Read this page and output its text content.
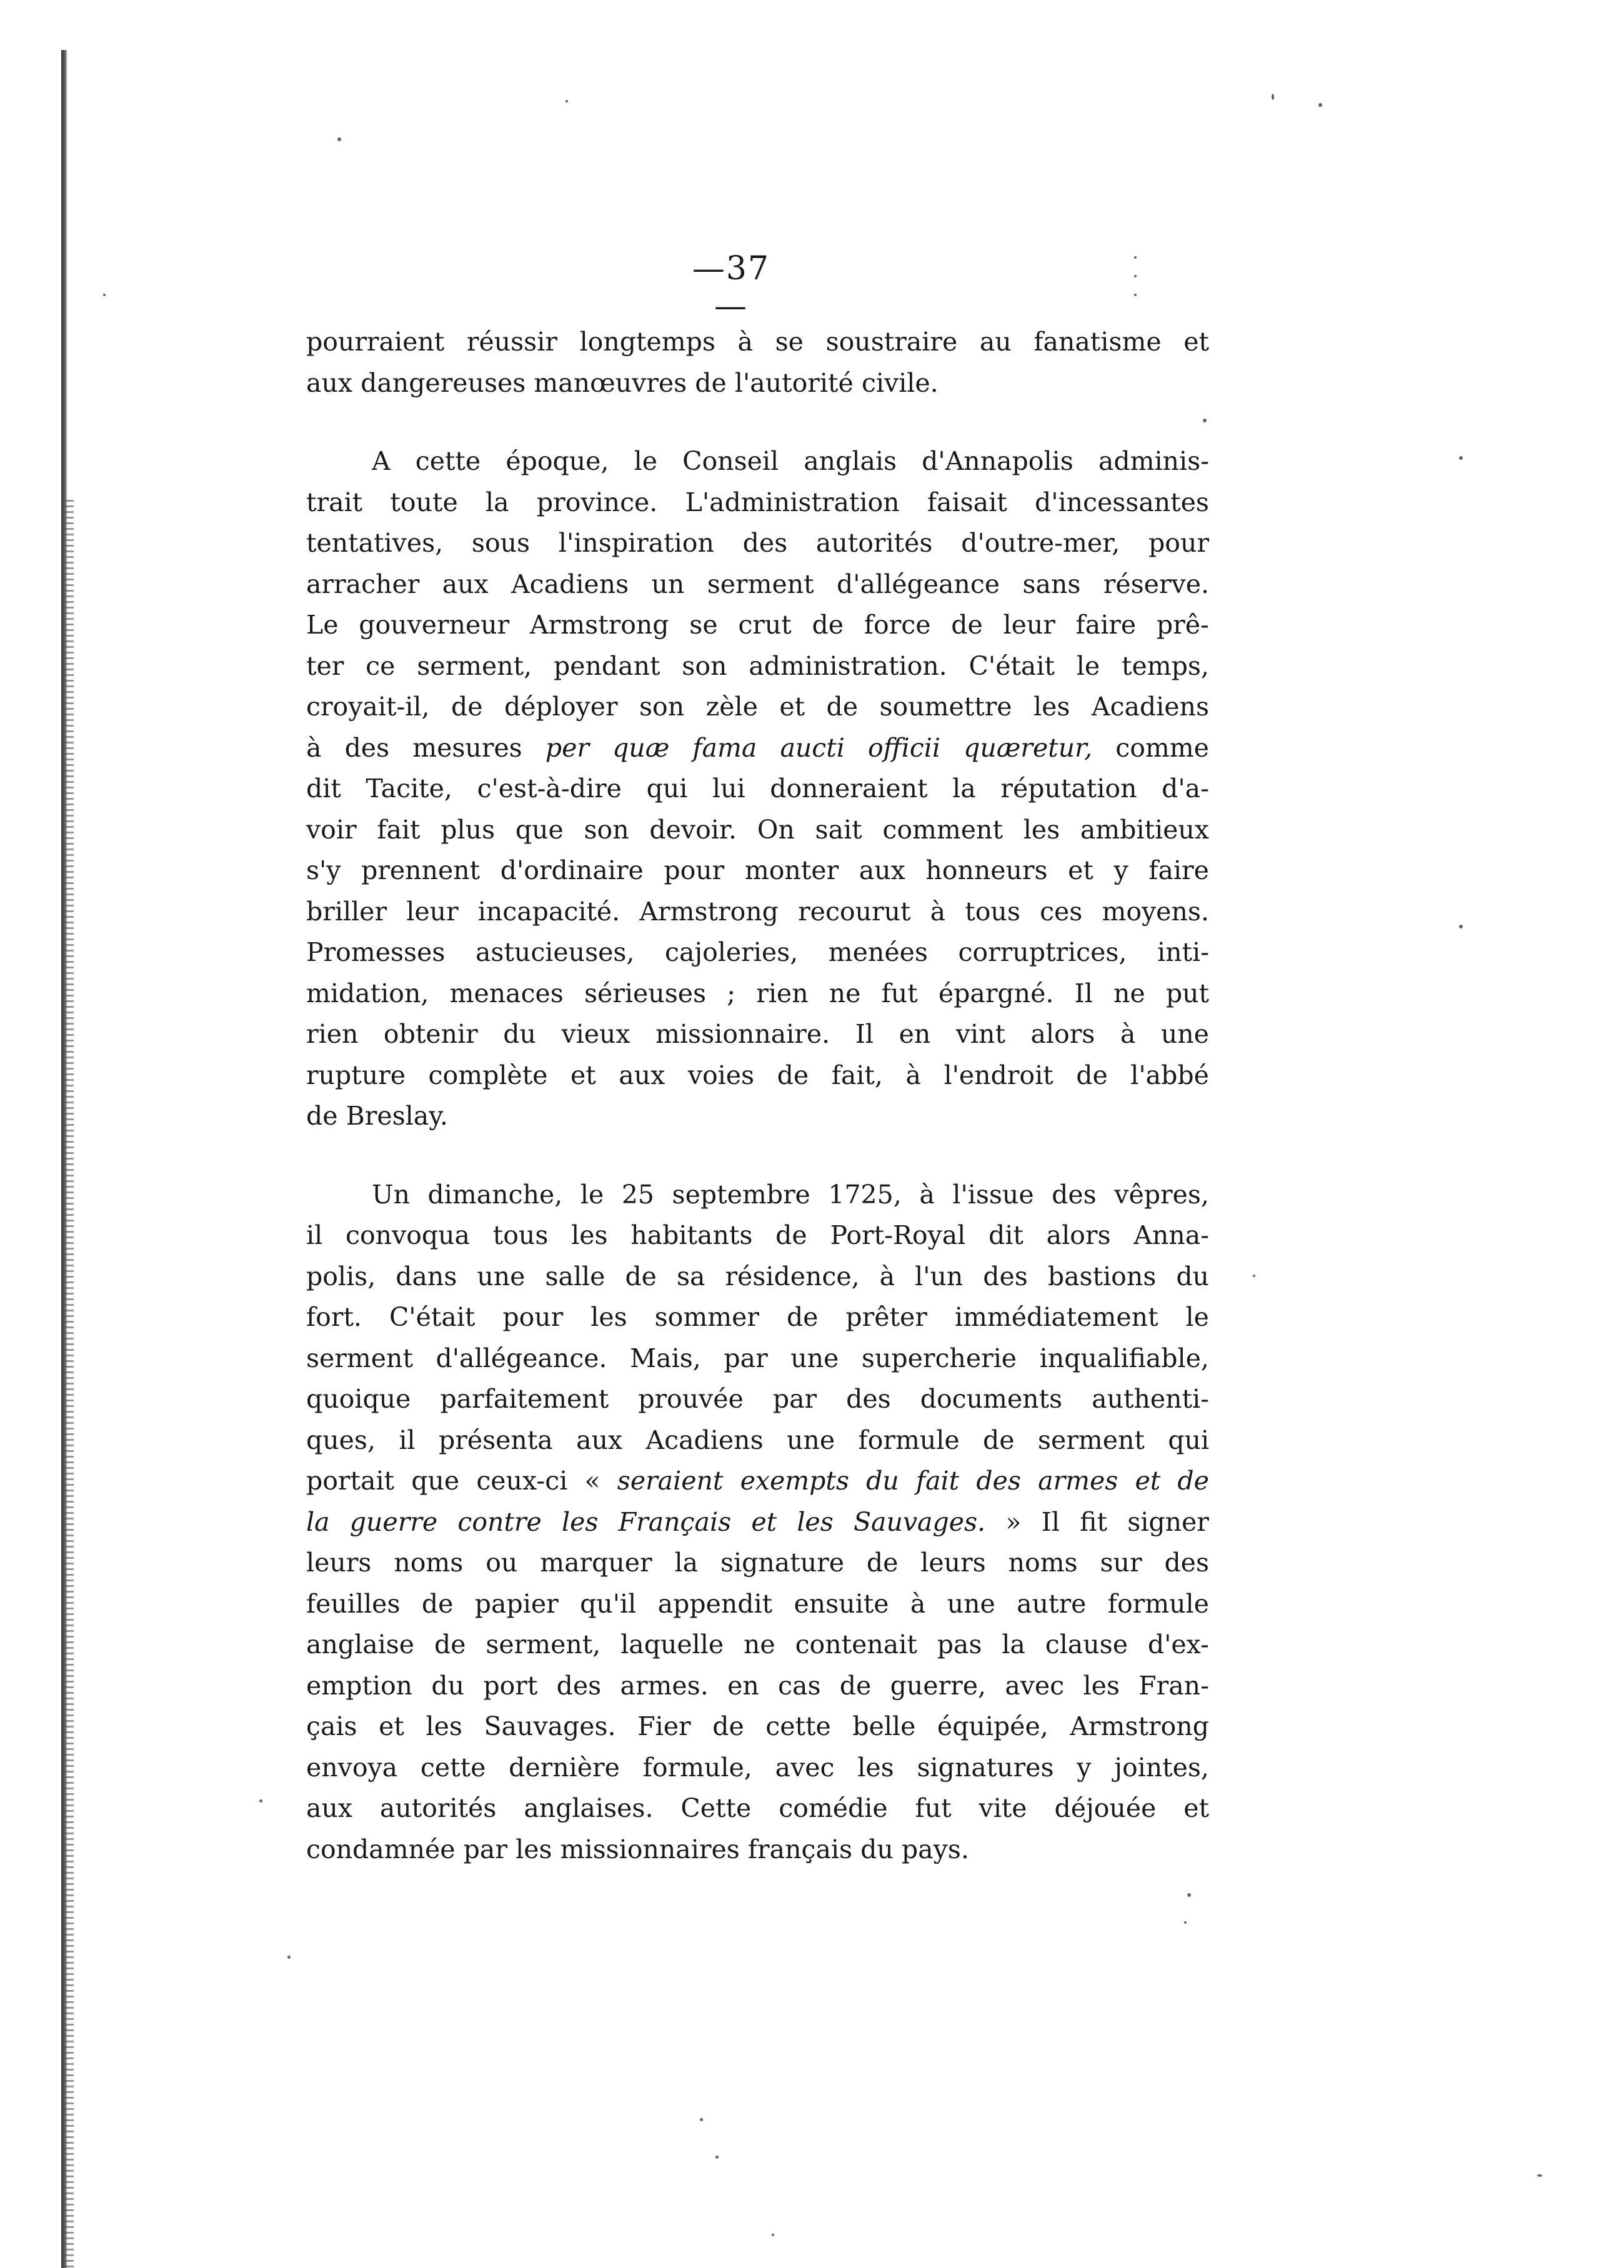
—37—
pourraient réussir longtemps à se soustraire au fanatisme et
aux dangereuses manœuvres de l'autorité civile.
A cette époque, le Conseil anglais d'Annapolis adminis-
trait toute la province. L'administration faisait d'incessantes
tentatives, sous l'inspiration des autorités d'outre-mer, pour
arracher aux Acadiens un serment d'allégeance sans réserve.
Le gouverneur Armstrong se crut de force de leur faire prê-
ter ce serment, pendant son administration. C'était le temps,
croyait-il, de déployer son zèle et de soumettre les Acadiens
à des mesures per quæ fama aucti officii quæretur, comme
dit Tacite, c'est-à-dire qui lui donneraient la réputation d'a-
voir fait plus que son devoir. On sait comment les ambitieux
s'y prennent d'ordinaire pour monter aux honneurs et y faire
briller leur incapacité. Armstrong recourut à tous ces moyens.
Promesses astucieuses, cajoleries, menées corruptrices, inti-
midation, menaces sérieuses ; rien ne fut épargné. Il ne put
rien obtenir du vieux missionnaire. Il en vint alors à une
rupture complète et aux voies de fait, à l'endroit de l'abbé
de Breslay.
Un dimanche, le 25 septembre 1725, à l'issue des vêpres,
il convoqua tous les habitants de Port-Royal dit alors Anna-
polis, dans une salle de sa résidence, à l'un des bastions du
fort. C'était pour les sommer de prêter immédiatement le
serment d'allégeance. Mais, par une supercherie inqualifiable,
quoique parfaitement prouvée par des documents authenti-
ques, il présenta aux Acadiens une formule de serment qui
portait que ceux-ci « seraient exempts du fait des armes et de
la guerre contre les Français et les Sauvages. » Il fit signer
leurs noms ou marquer la signature de leurs noms sur des
feuilles de papier qu'il appendit ensuite à une autre formule
anglaise de serment, laquelle ne contenait pas la clause d'ex-
emption du port des armes. en cas de guerre, avec les Fran-
çais et les Sauvages. Fier de cette belle équipée, Armstrong
envoya cette dernière formule, avec les signatures y jointes,
aux autorités anglaises. Cette comédie fut vite déjouée et
condamnée par les missionnaires français du pays.
